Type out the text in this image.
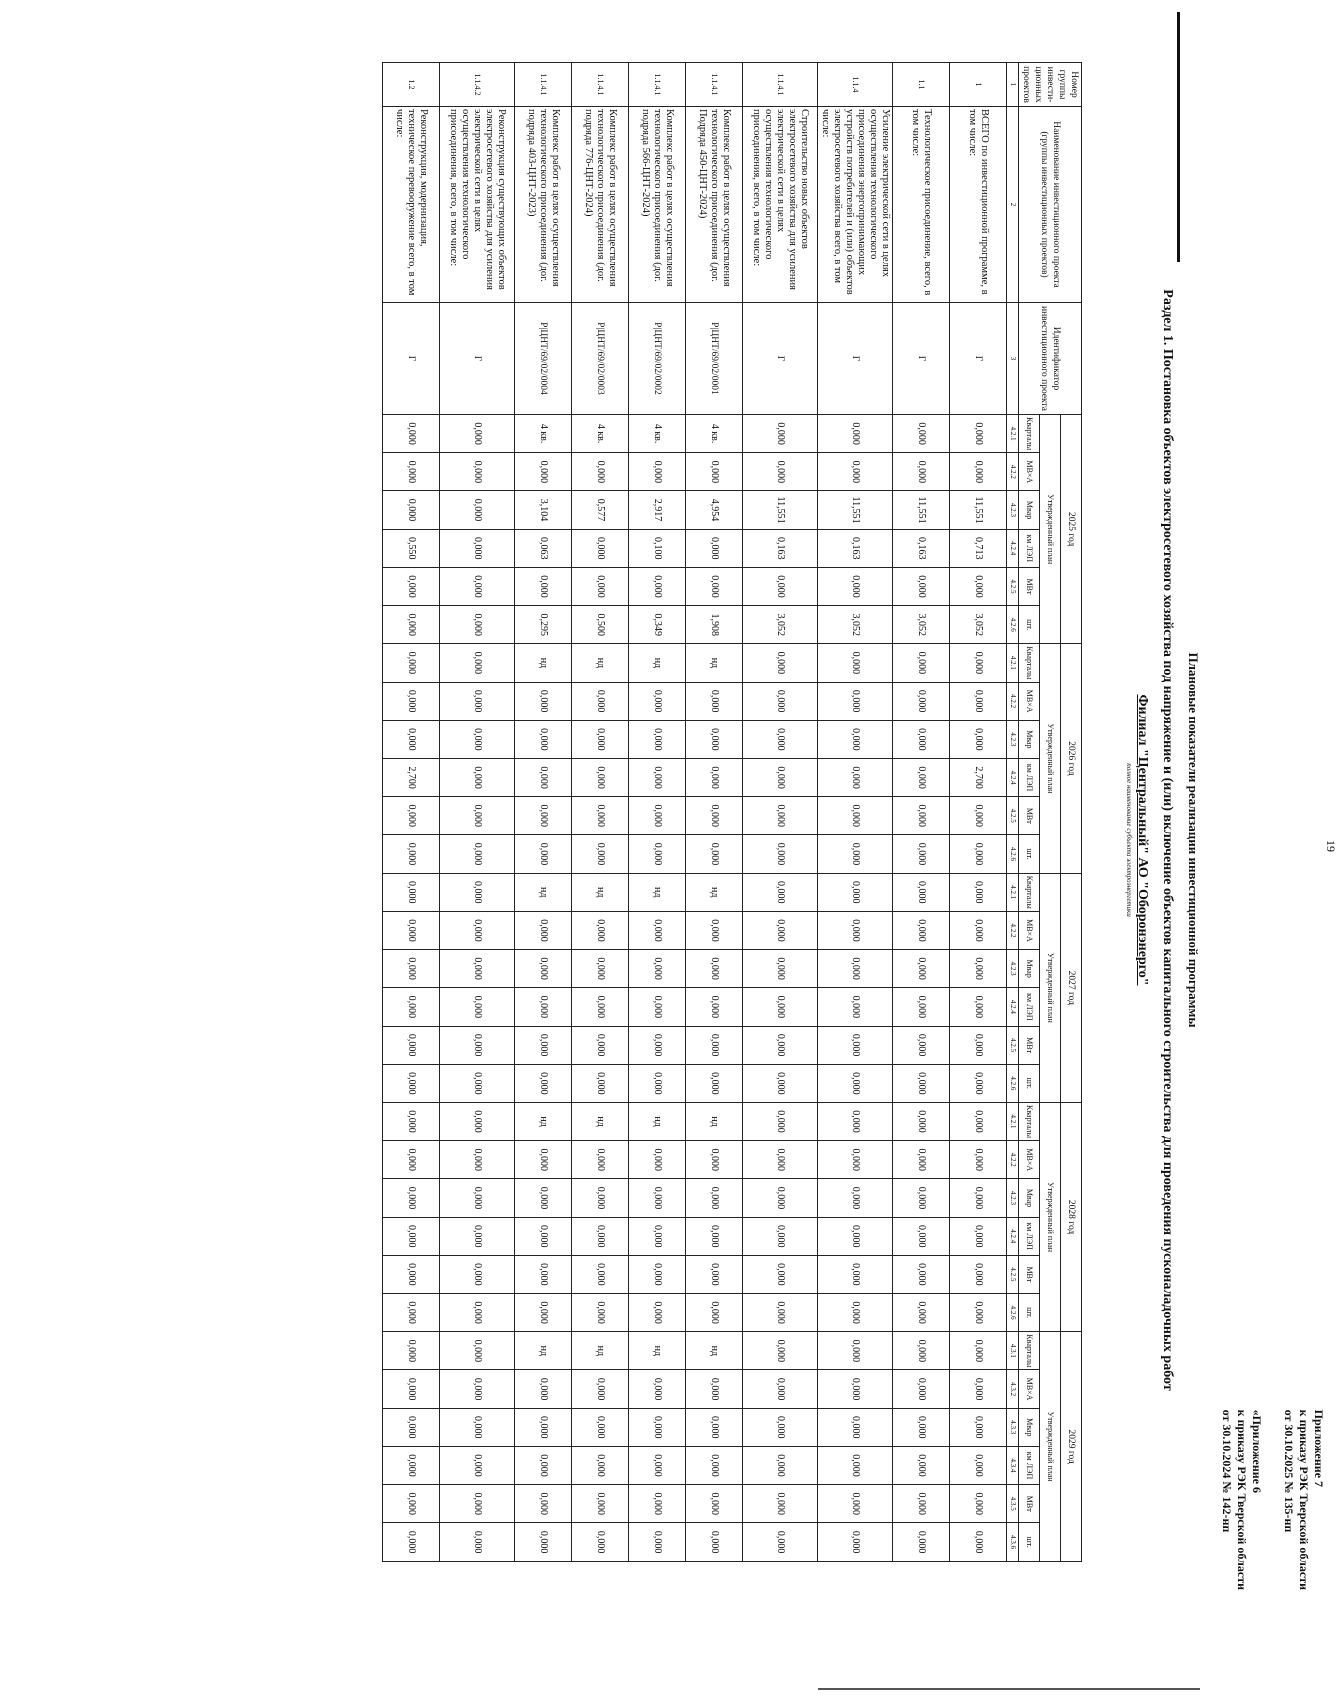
19
Приложение 7
к приказу РЭК Тверской области
от 30.10.2025 № 135-нп
«Приложение 6
к приказу РЭК Тверской области
от 30.10.2024 № 142-нп
Плановые показатели реализации инвестиционной программы
Раздел 1. Постановка объектов электросетевого хозяйства под напряжение и (или) включение объектов капитального строительства для проведения пусконаладочных работ
Филиал "Центральный" АО "Оборонэнерго"
полное наименование субъекта электроэнергетики
Номер группы инвести-ционных проектов	Наименование инвестиционного проекта (группы инвестиционных проектов)	Идентификатор инвестиционного проекта	2025 год						2026 год						2027 год						2028 год						2029 год					
			Утвержденный план						Утвержденный план						Утвержденный план						Утвержденный план						Утвержденный план					
			Кварталы	МВ×А	Мвар	км ЛЭП	МВт	шт.	Кварталы	МВ×А	Мвар	км ЛЭП	МВт	шт.	Кварталы	МВ×А	Мвар	км ЛЭП	МВт	шт.	Кварталы	МВ×А	Мвар	км ЛЭП	МВт	шт.	Кварталы	МВ×А	Мвар	км ЛЭП	МВт	шт.
1	2	3	4.2.1	4.2.2	4.2.3	4.2.4	4.2.5	4.2.6	4.2.1	4.2.2	4.2.3	4.2.4	4.2.5	4.2.6	4.2.1	4.2.2	4.2.3	4.2.4	4.2.5	4.2.6	4.2.1	4.2.2	4.2.3	4.2.4	4.2.5	4.2.6	4.3.1	4.3.2	4.3.3	4.3.4	4.3.5	4.3.6
1	ВСЕГО по инвестиционной программе, в том числе:	Г	0,000	0,000	11,551	0,713	0,000	3,052	0,000	0,000	0,000	2,700	0,000	0,000	0,000	0,000	0,000	0,000	0,000	0,000	0,000	0,000	0,000	0,000	0,000	0,000	0,000	0,000	0,000	0,000	0,000	0,000
1.1	Технологическое присоединение, всего, в том числе:	Г	0,000	0,000	11,551	0,163	0,000	3,052	0,000	0,000	0,000	0,000	0,000	0,000	0,000	0,000	0,000	0,000	0,000	0,000	0,000	0,000	0,000	0,000	0,000	0,000	0,000	0,000	0,000	0,000	0,000	0,000
1.1.4	Усиление электрической сети в целях осуществления технологического присоединения энергопринимающих устройств потребителей и (или) объектов электросетевого хозяйства всего, в том числе:	Г	0,000	0,000	11,551	0,163	0,000	3,052	0,000	0,000	0,000	0,000	0,000	0,000	0,000	0,000	0,000	0,000	0,000	0,000	0,000	0,000	0,000	0,000	0,000	0,000	0,000	0,000	0,000	0,000	0,000	0,000
1.1.4.1	Строительство новых объектов электросетевого хозяйства для усиления электрической сети в целях осуществления технологического присоединения, всего, в том числе:	Г	0,000	0,000	11,551	0,163	0,000	3,052	0,000	0,000	0,000	0,000	0,000	0,000	0,000	0,000	0,000	0,000	0,000	0,000	0,000	0,000	0,000	0,000	0,000	0,000	0,000	0,000	0,000	0,000	0,000	0,000
1.1.4.1	Комплекс работ в целях осуществления технологического присоединения (дог. Подряда 450-ЦНТ-2024)	P|ЦНТ/69/02/0001	4 кв.	0,000	4,954	0,000	0,000	1,908	нд	0,000	0,000	0,000	0,000	0,000	нд	0,000	0,000	0,000	0,000	0,000	нд	0,000	0,000	0,000	0,000	0,000	нд	0,000	0,000	0,000	0,000	0,000
1.1.4.1	Комплекс работ в целях осуществления технологического присоединения (дог. подряда 566-ЦНТ-2024)	P|ЦНТ/69/02/0002	4 кв.	0,000	2,917	0,100	0,000	0,349	нд	0,000	0,000	0,000	0,000	0,000	нд	0,000	0,000	0,000	0,000	0,000	нд	0,000	0,000	0,000	0,000	0,000	нд	0,000	0,000	0,000	0,000	0,000
1.1.4.1	Комплекс работ в целях осуществления технологического присоединения (дог. подряда 776-ЦНТ-2024)	P|ЦНТ/69/02/0003	4 кв.	0,000	0,577	0,000	0,000	0,500	нд	0,000	0,000	0,000	0,000	0,000	нд	0,000	0,000	0,000	0,000	0,000	нд	0,000	0,000	0,000	0,000	0,000	нд	0,000	0,000	0,000	0,000	0,000
1.1.4.1	Комплекс работ в целях осуществления технологического присоединения (дог. подряда 403-ЦНТ-2023)	P|ЦНТ/69/02/0004	4 кв.	0,000	3,104	0,063	0,000	0,295	нд	0,000	0,000	0,000	0,000	0,000	нд	0,000	0,000	0,000	0,000	0,000	нд	0,000	0,000	0,000	0,000	0,000	нд	0,000	0,000	0,000	0,000	0,000
1.1.4.2	Реконструкция существующих объектов электросетевого хозяйства для усиления электрической сети в целях осуществления технологического присоединения, всего, в том числе:	Г	0,000	0,000	0,000	0,000	0,000	0,000	0,000	0,000	0,000	0,000	0,000	0,000	0,000	0,000	0,000	0,000	0,000	0,000	0,000	0,000	0,000	0,000	0,000	0,000	0,000	0,000	0,000	0,000	0,000	0,000
1.2	Реконструкция, модернизация, техническое перевооружение всего, в том числе:	Г	0,000	0,000	0,000	0,550	0,000	0,000	0,000	0,000	0,000	2,700	0,000	0,000	0,000	0,000	0,000	0,000	0,000	0,000	0,000	0,000	0,000	0,000	0,000	0,000	0,000	0,000	0,000	0,000	0,000	0,000
